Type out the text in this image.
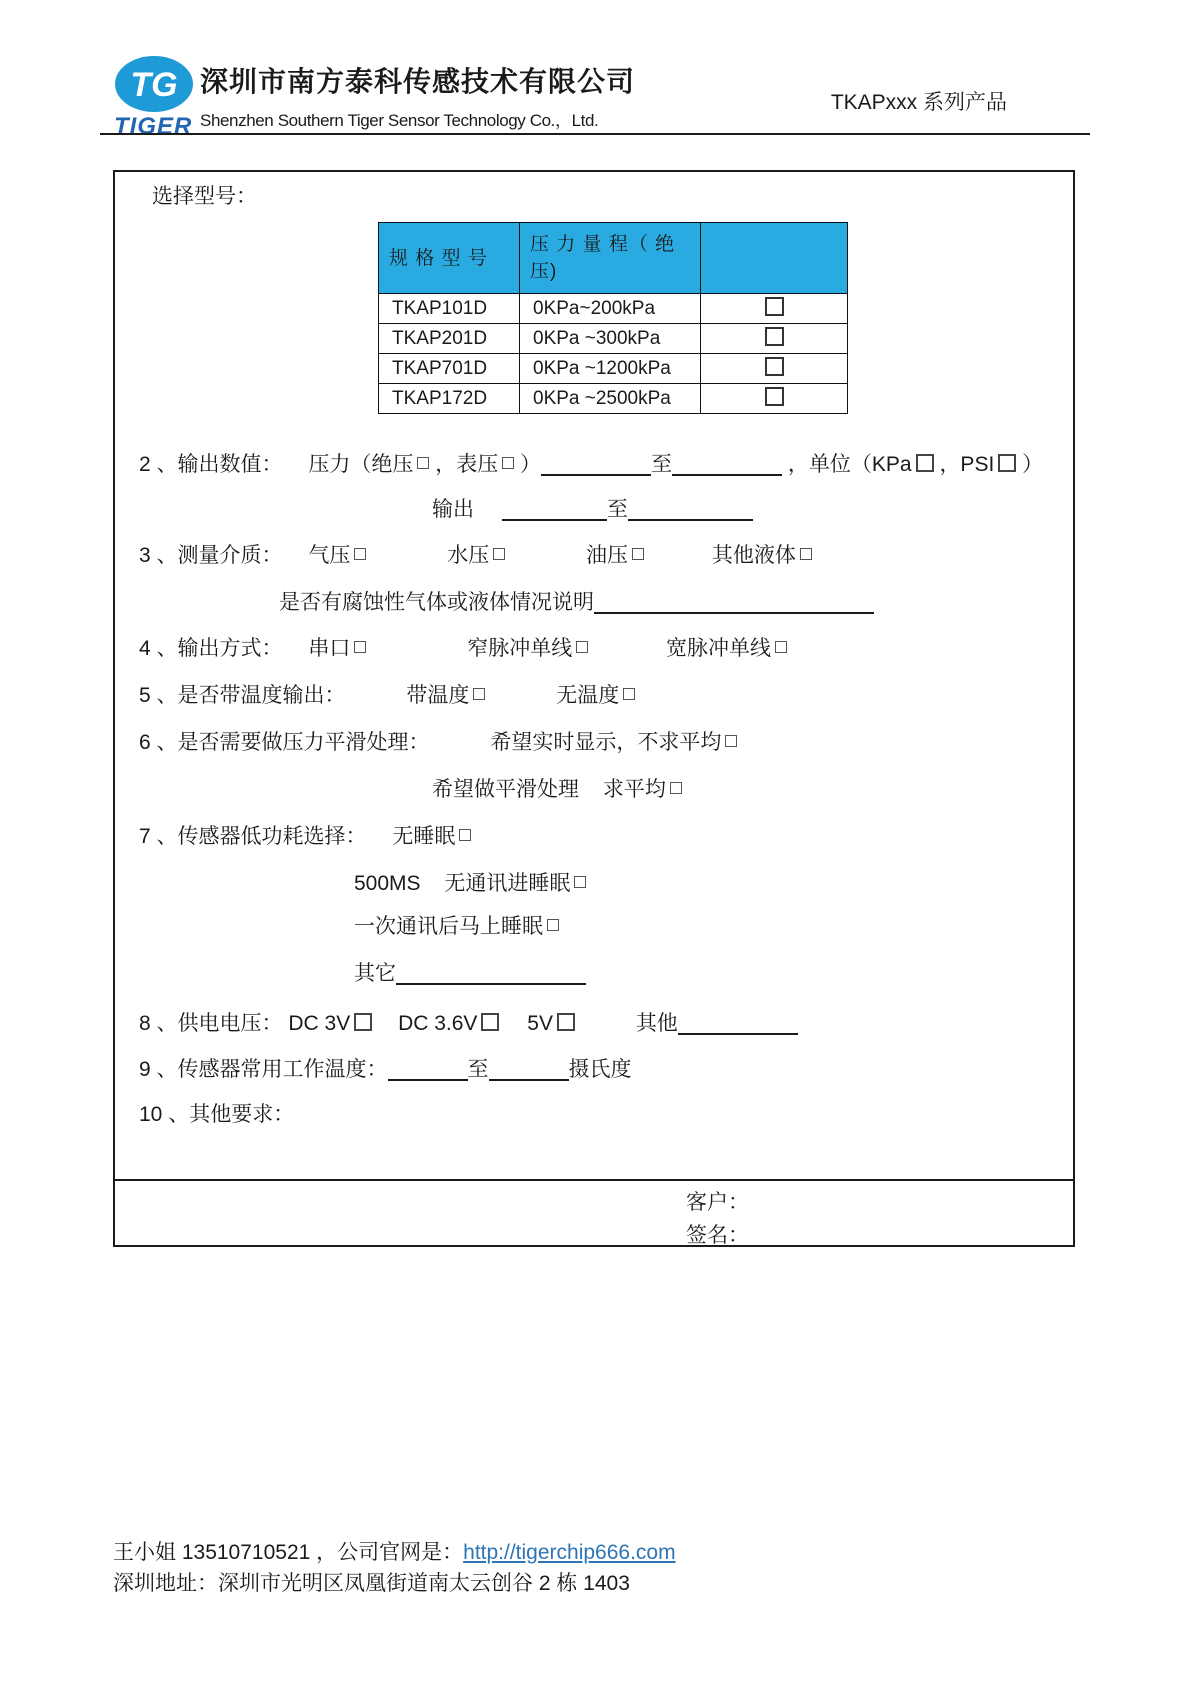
TG
TIGER
深圳市南方泰科传感技术有限公司
Shenzhen Southern Tiger Sensor Technology Co.，Ltd.
TKAPxxx 系列产品
选择型号：
规 格 型 号	压 力 量 程（ 绝压)	
TKAP101D	0KPa~200kPa	
TKAP201D	0KPa ~300kPa	
TKAP701D	0KPa ~1200kPa	
TKAP172D	0KPa ~2500kPa	
2 、输出数值： 压力（绝压 ，表压 ）	至	，单位（KPa ，PSI ）
输出	至
3 、测量介质： 气压	水压	油压	其他液体
是否有腐蚀性气体或液体情况说明
4 、输出方式： 串口	窄脉冲单线	宽脉冲单线
5 、是否带温度输出：	带温度	无温度
6 、是否需要做压力平滑处理：	希望实时显示，不求平均
希望做平滑处理 求平均
7 、传感器低功耗选择： 无睡眠
500MS 无通讯进睡眠
一次通讯后马上睡眠
其它
8 、供电电压： DC 3V DC 3.6V 5V	其他
9 、传感器常用工作温度：	至	摄氏度
10 、其他要求：
客户：
签名：
王小姐 13510710521 ，公司官网是：http://tigerchip666.com
深圳地址：深圳市光明区凤凰街道南太云创谷 2 栋 1403
